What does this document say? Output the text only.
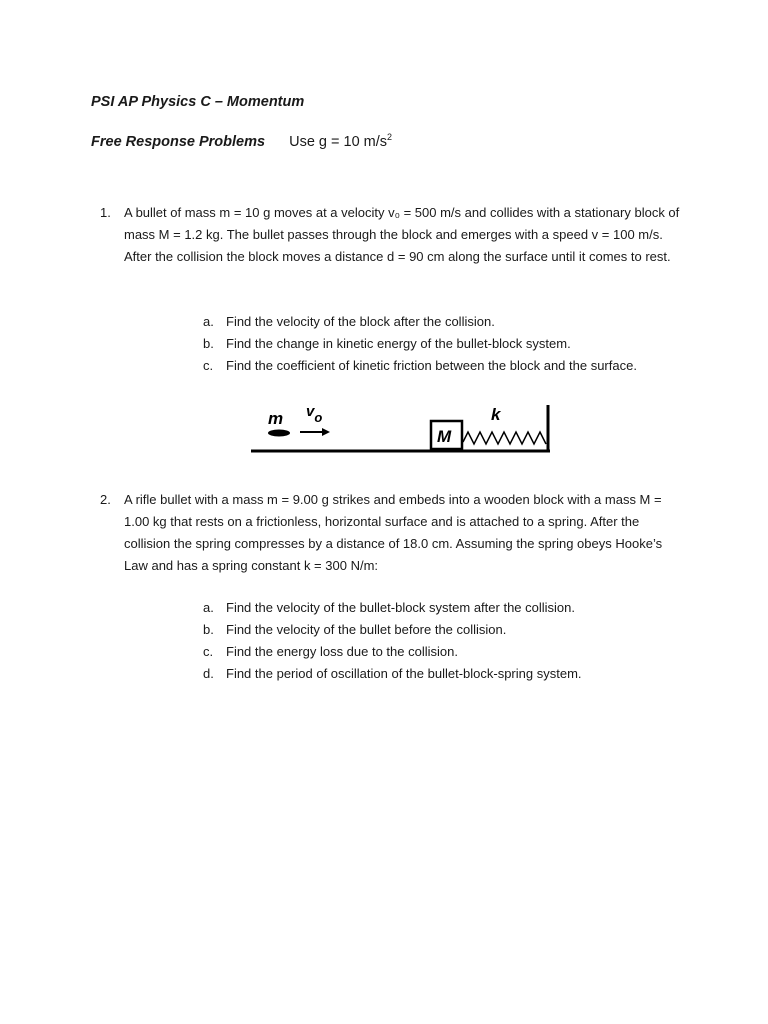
PSI AP Physics C – Momentum
Free Response Problems Use g = 10 $m/s^2$
1. A bullet of mass m = 10 g moves at a velocity v₀ = 500 m/s and collides with a stationary block of mass M = 1.2 kg. The bullet passes through the block and emerges with a speed v = 100 m/s. After the collision the block moves a distance d = 90 cm along the surface until it comes to rest.
a. Find the velocity of the block after the collision.
b. Find the change in kinetic energy of the bullet-block system.
c. Find the coefficient of kinetic friction between the block and the surface.
m vo
M
k
2. A rifle bullet with a mass m = 9.00 g strikes and embeds into a wooden block with a mass M = 1.00 kg that rests on a frictionless, horizontal surface and is attached to a spring. After the collision the spring compresses by a distance of 18.0 cm. Assuming the spring obeys Hooke’s Law and has a spring constant k = 300 N/m:
a. Find the velocity of the bullet-block system after the collision.
b. Find the velocity of the bullet before the collision.
c. Find the energy loss due to the collision.
d. Find the period of oscillation of the bullet-block-spring system.
